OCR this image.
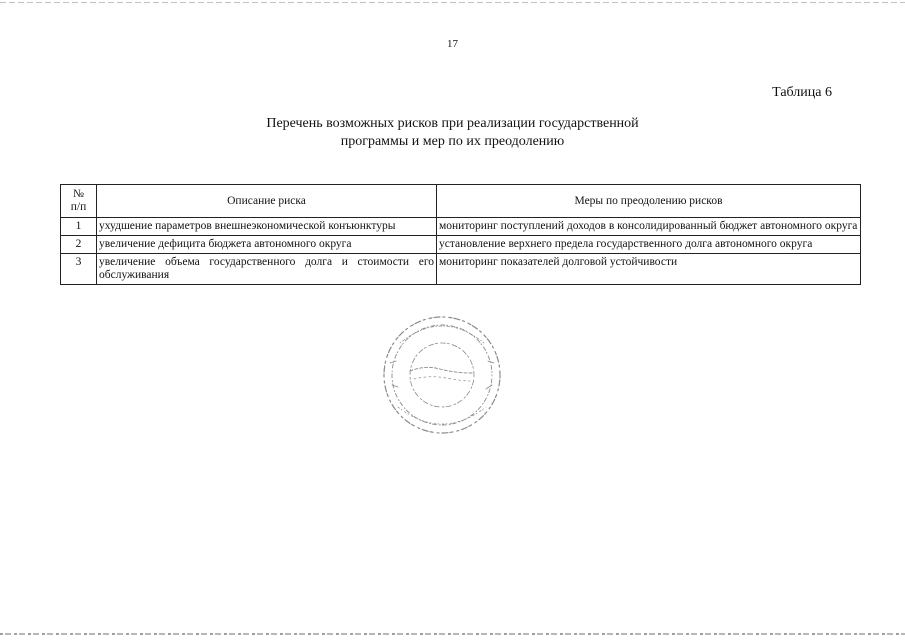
17
Таблица 6
Перечень возможных рисков при реализации государственной
программы и мер по их преодолению
№
п/п	Описание риска	Меры по преодолению рисков
1	ухудшение параметров внешнеэкономической конъюнктуры	мониторинг поступлений доходов в консолидированный бюджет автономного округа
2	увеличение дефицита бюджета автономного округа	установление верхнего предела государственного долга автономного округа
3	увеличение объема государственного долга и стоимости его обслуживания	мониторинг показателей долговой устойчивости
